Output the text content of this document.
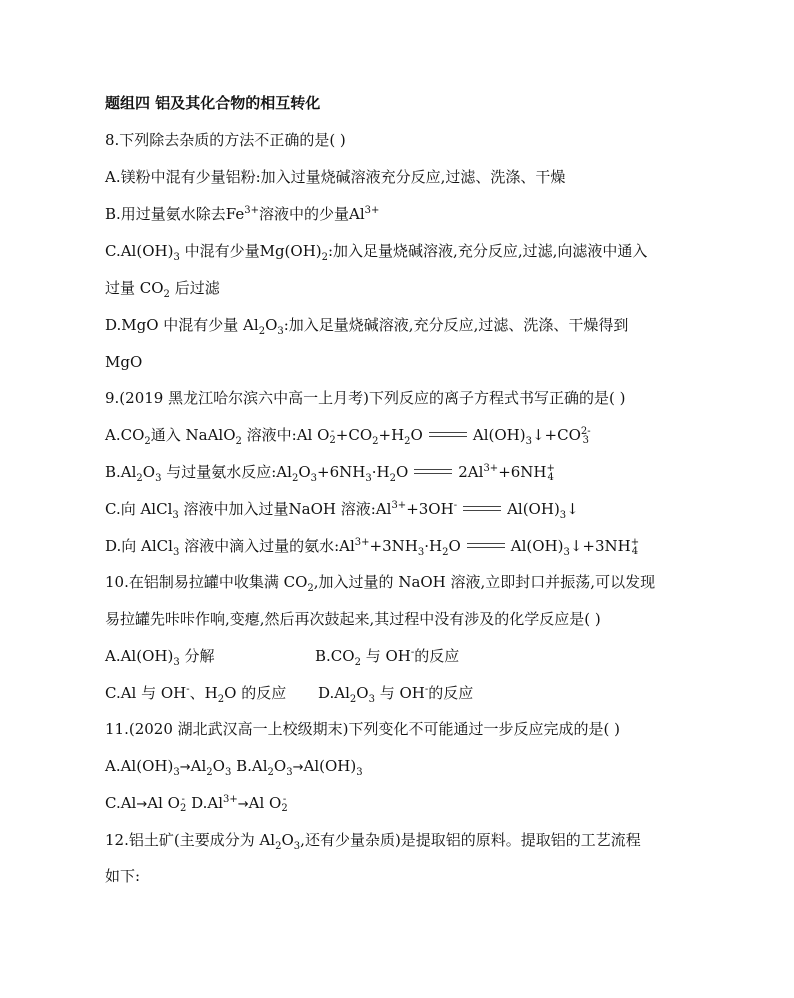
题组四 铝及其化合物的相互转化
8.下列除去杂质的方法不正确的是( )
A.镁粉中混有少量铝粉:加入过量烧碱溶液充分反应,过滤、洗涤、干燥
B.用过量氨水除去$Fe^{3+}$溶液中的少量$Al^{3+}$
$C.Al(OH)_3$ 中混有少量$Mg(OH)_2$:加入足量烧碱溶液,充分反应,过滤,向滤液中通入
过量 $CO_2$ 后过滤
D.MgO 中混有少量 $Al_2O_3$:加入足量烧碱溶液,充分反应,过滤、洗涤、干燥得到
MgO
9.(2019 黑龙江哈尔滨六中高一上月考)下列反应的离子方程式书写正确的是( )
$A.CO_2$通入 NaAlO$_2$ 溶液中:Al O-
$2+CO_2+H_2O$	$Al(OH)_3↓+CO2-$
3
$B.Al_2O_3$ 与过量氨水反应$:Al_2O_3+6NH_3\cdot H_2O$	$2Al^{3+}+6NH+$
4
C.向 AlCl$_3$ 溶液中加入过量NaOH 溶液$:Al^{3+}+3OH^-$	$Al(OH)_3↓$
D.向 AlCl$_3$ 溶液中滴入过量的氨水$:Al^{3+}+3NH_3\cdot H_2O$	$Al(OH)_3↓+3NH+$
4
10.在铝制易拉罐中收集满 $CO_2$,加入过量的 NaOH 溶液,立即封口并振荡,可以发现
易拉罐先咔咔作响,变瘪,然后再次鼓起来,其过程中没有涉及的化学反应是( )
$A.Al(OH)_3$ 分解	$B.CO_2$ 与 OH-的反应
C.Al 与 OH-、$H_2O$ 的反应 $D.Al_2O_3$ 与 OH-的反应
11.(2020 湖北武汉高一上校级期末)下列变化不可能通过一步反应完成的是( )
$A.Al(OH)_3\to Al_2O_3$ $B.Al_2O_3\to Al(OH)_3$
C.Al→Al O-
2 $D.Al^{3+}\to Al$ O-
2
12.铝土矿(主要成分为 $Al_2O_3$,还有少量杂质)是提取铝的原料。提取铝的工艺流程
如下:
